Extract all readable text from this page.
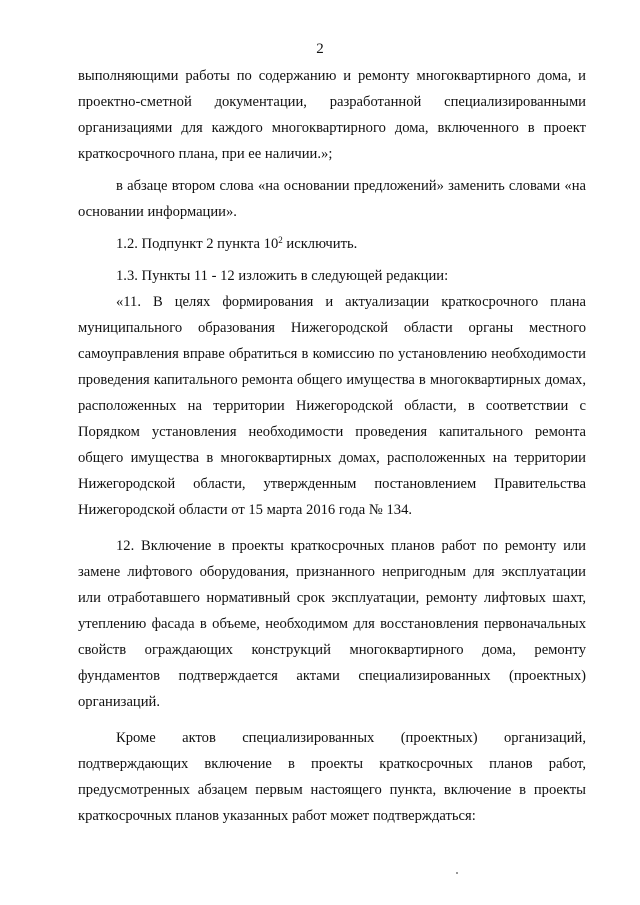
2

выполняющими работы по содержанию и ремонту многоквартирного дома, и проектно-сметной документации, разработанной специализированными организациями для каждого многоквартирного дома, включенного в проект краткосрочного плана, при ее наличии.»;

в абзаце втором слова «на основании предложений» заменить словами «на основании информации».

1.2. Подпункт 2 пункта $10^2$ исключить.

1.3. Пункты 11 - 12 изложить в следующей редакции:

«11. В целях формирования и актуализации краткосрочного плана муниципального образования Нижегородской области органы местного самоуправления вправе обратиться в комиссию по установлению необходимости проведения капитального ремонта общего имущества в многоквартирных домах, расположенных на территории Нижегородской области, в соответствии с Порядком установления необходимости проведения капитального ремонта общего имущества в многоквартирных домах, расположенных на территории Нижегородской области, утвержденным постановлением Правительства Нижегородской области от 15 марта 2016 года № 134.

12. Включение в проекты краткосрочных планов работ по ремонту или замене лифтового оборудования, признанного непригодным для эксплуатации или отработавшего нормативный срок эксплуатации, ремонту лифтовых шахт, утеплению фасада в объеме, необходимом для восстановления первоначальных свойств ограждающих конструкций многоквартирного дома, ремонту фундаментов подтверждается актами специализированных (проектных) организаций.

Кроме актов специализированных (проектных) организаций, подтверждающих включение в проекты краткосрочных планов работ, предусмотренных абзацем первым настоящего пункта, включение в проекты краткосрочных планов указанных работ может подтверждаться:
